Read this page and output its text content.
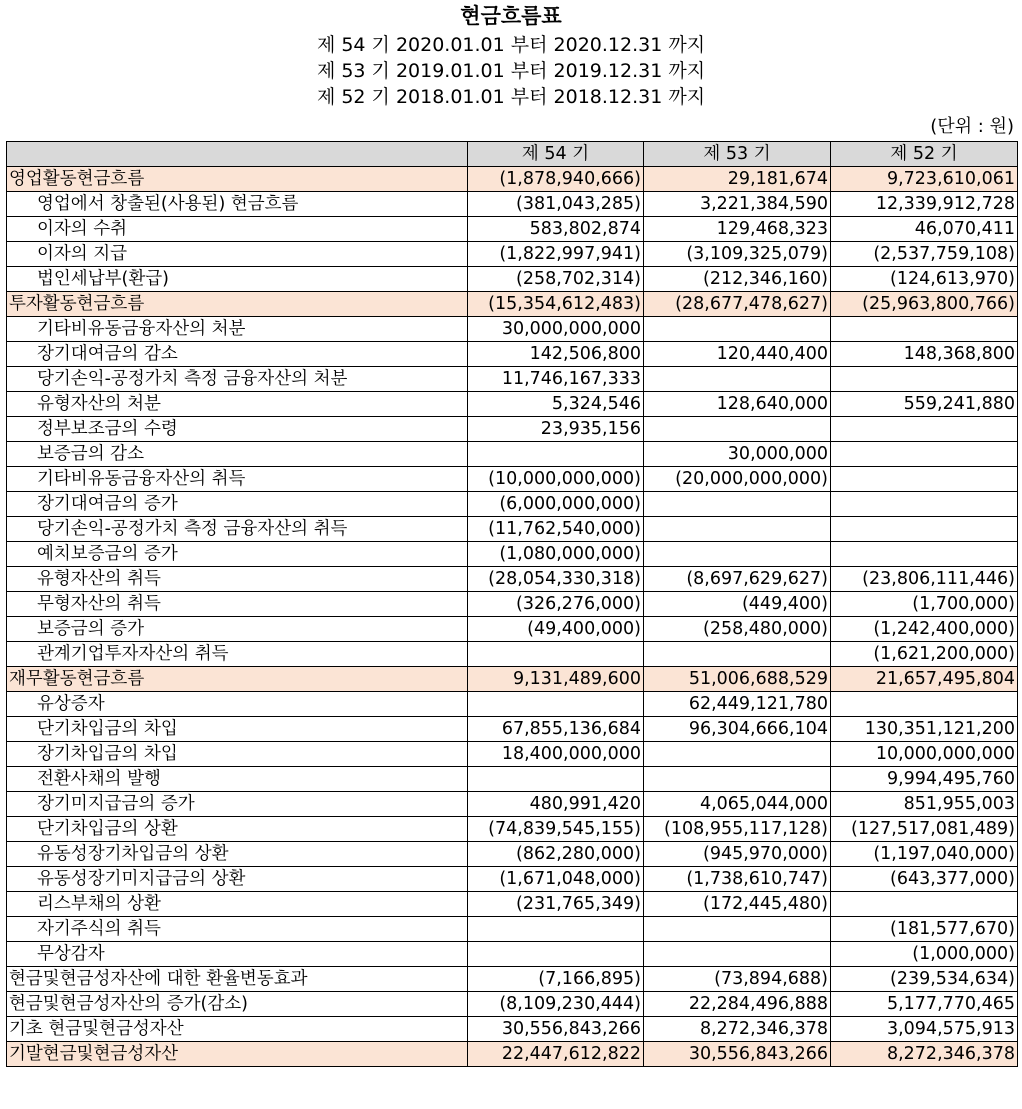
현금흐름표
제 54 기 2020.01.01 부터 2020.12.31 까지
제 53 기 2019.01.01 부터 2019.12.31 까지
제 52 기 2018.01.01 부터 2018.12.31 까지
(단위 : 원)
	제 54 기	제 53 기	제 52 기
영업활동현금흐름	(1,878,940,666)	29,181,674	9,723,610,061
영업에서 창출된(사용된) 현금흐름	(381,043,285)	3,221,384,590	12,339,912,728
이자의 수취	583,802,874	129,468,323	46,070,411
이자의 지급	(1,822,997,941)	(3,109,325,079)	(2,537,759,108)
법인세납부(환급)	(258,702,314)	(212,346,160)	(124,613,970)
투자활동현금흐름	(15,354,612,483)	(28,677,478,627)	(25,963,800,766)
기타비유동금융자산의 처분	30,000,000,000		
장기대여금의 감소	142,506,800	120,440,400	148,368,800
당기손익-공정가치 측정 금융자산의 처분	11,746,167,333		
유형자산의 처분	5,324,546	128,640,000	559,241,880
정부보조금의 수령	23,935,156		
보증금의 감소		30,000,000	
기타비유동금융자산의 취득	(10,000,000,000)	(20,000,000,000)	
장기대여금의 증가	(6,000,000,000)		
당기손익-공정가치 측정 금융자산의 취득	(11,762,540,000)		
예치보증금의 증가	(1,080,000,000)		
유형자산의 취득	(28,054,330,318)	(8,697,629,627)	(23,806,111,446)
무형자산의 취득	(326,276,000)	(449,400)	(1,700,000)
보증금의 증가	(49,400,000)	(258,480,000)	(1,242,400,000)
관계기업투자자산의 취득			(1,621,200,000)
재무활동현금흐름	9,131,489,600	51,006,688,529	21,657,495,804
유상증자		62,449,121,780	
단기차입금의 차입	67,855,136,684	96,304,666,104	130,351,121,200
장기차입금의 차입	18,400,000,000		10,000,000,000
전환사채의 발행			9,994,495,760
장기미지급금의 증가	480,991,420	4,065,044,000	851,955,003
단기차입금의 상환	(74,839,545,155)	(108,955,117,128)	(127,517,081,489)
유동성장기차입금의 상환	(862,280,000)	(945,970,000)	(1,197,040,000)
유동성장기미지급금의 상환	(1,671,048,000)	(1,738,610,747)	(643,377,000)
리스부채의 상환	(231,765,349)	(172,445,480)	
자기주식의 취득			(181,577,670)
무상감자			(1,000,000)
현금및현금성자산에 대한 환율변동효과	(7,166,895)	(73,894,688)	(239,534,634)
현금및현금성자산의 증가(감소)	(8,109,230,444)	22,284,496,888	5,177,770,465
기초 현금및현금성자산	30,556,843,266	8,272,346,378	3,094,575,913
기말현금및현금성자산	22,447,612,822	30,556,843,266	8,272,346,378
